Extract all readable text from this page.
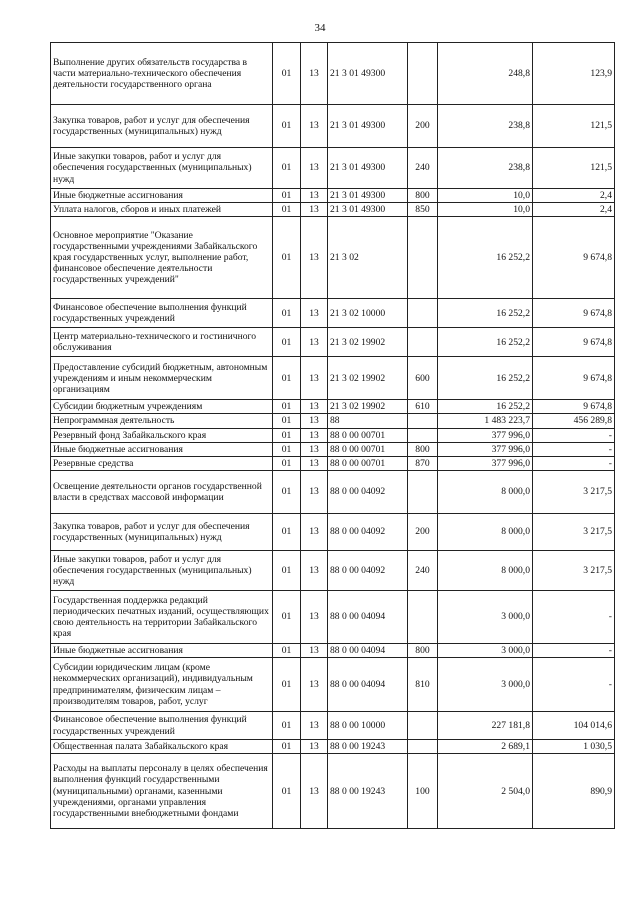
34
Выполнение других обязательств государства в части материально-технического обеспечения деятельности государственного органа	01	13	21 3 01 49300		248,8	123,9
Закупка товаров, работ и услуг для обеспечения государственных (муниципальных) нужд	01	13	21 3 01 49300	200	238,8	121,5
Иные закупки товаров, работ и услуг для обеспечения государственных (муниципальных) нужд	01	13	21 3 01 49300	240	238,8	121,5
Иные бюджетные ассигнования	01	13	21 3 01 49300	800	10,0	2,4
Уплата налогов, сборов и иных платежей	01	13	21 3 01 49300	850	10,0	2,4
Основное мероприятие "Оказание государственными учреждениями Забайкальского края государственных услуг, выполнение работ, финансовое обеспечение деятельности государственных учреждений"	01	13	21 3 02		16 252,2	9 674,8
Финансовое обеспечение выполнения функций государственных учреждений	01	13	21 3 02 10000		16 252,2	9 674,8
Центр материально-технического и гостиничного обслуживания	01	13	21 3 02 19902		16 252,2	9 674,8
Предоставление субсидий бюджетным, автономным учреждениям и иным некоммерческим организациям	01	13	21 3 02 19902	600	16 252,2	9 674,8
Субсидии бюджетным учреждениям	01	13	21 3 02 19902	610	16 252,2	9 674,8
Непрограммная деятельность	01	13	88		1 483 223,7	456 289,8
Резервный фонд Забайкальского края	01	13	88 0 00 00701		377 996,0	-
Иные бюджетные ассигнования	01	13	88 0 00 00701	800	377 996,0	-
Резервные средства	01	13	88 0 00 00701	870	377 996,0	-
Освещение деятельности органов государственной власти в средствах массовой информации	01	13	88 0 00 04092		8 000,0	3 217,5
Закупка товаров, работ и услуг для обеспечения государственных (муниципальных) нужд	01	13	88 0 00 04092	200	8 000,0	3 217,5
Иные закупки товаров, работ и услуг для обеспечения государственных (муниципальных) нужд	01	13	88 0 00 04092	240	8 000,0	3 217,5
Государственная поддержка редакций периодических печатных изданий, осуществляющих свою деятельность на территории Забайкальского края	01	13	88 0 00 04094		3 000,0	-
Иные бюджетные ассигнования	01	13	88 0 00 04094	800	3 000,0	-
Субсидии юридическим лицам (кроме некоммерческих организаций), индивидуальным предпринимателям, физическим лицам – производителям товаров, работ, услуг	01	13	88 0 00 04094	810	3 000,0	-
Финансовое обеспечение выполнения функций государственных учреждений	01	13	88 0 00 10000		227 181,8	104 014,6
Общественная палата Забайкальского края	01	13	88 0 00 19243		2 689,1	1 030,5
Расходы на выплаты персоналу в целях обеспечения выполнения функций государственными (муниципальными) органами, казенными учреждениями, органами управления государственными внебюджетными фондами	01	13	88 0 00 19243	100	2 504,0	890,9
